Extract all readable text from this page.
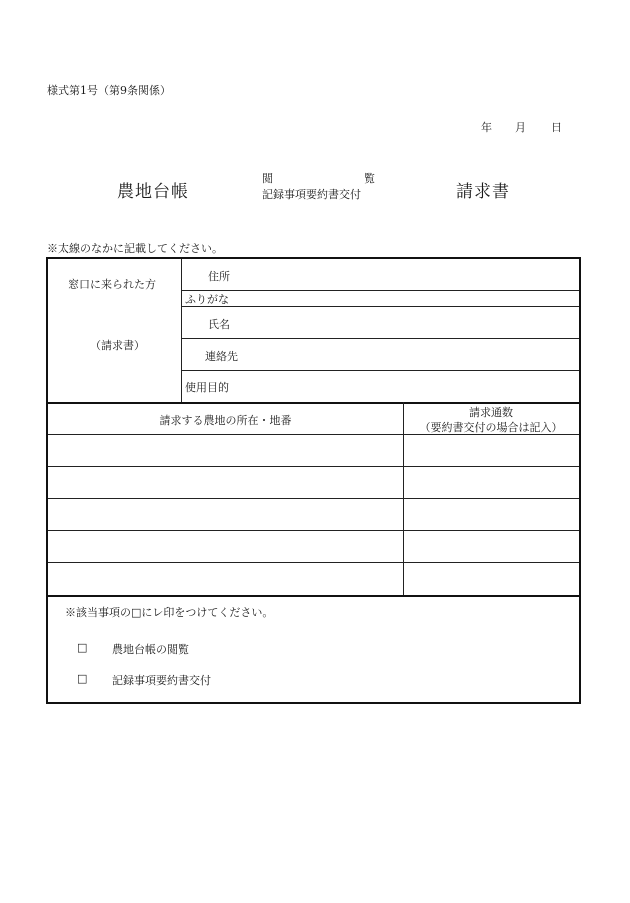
様式第1号（第9条関係）
年 月 日
農地台帳
閲	覧
記録事項要約書交付	請求書
※太線のなかに記載してください。
窓口に来られた方
（請求書）
住所
ふりがな
氏名
連絡先
使用目的
請求する農地の所在・地番
請求通数
（要約書交付の場合は記入）
※該当事項の□にレ印をつけてください。
□ 農地台帳の閲覧
□ 記録事項要約書交付
